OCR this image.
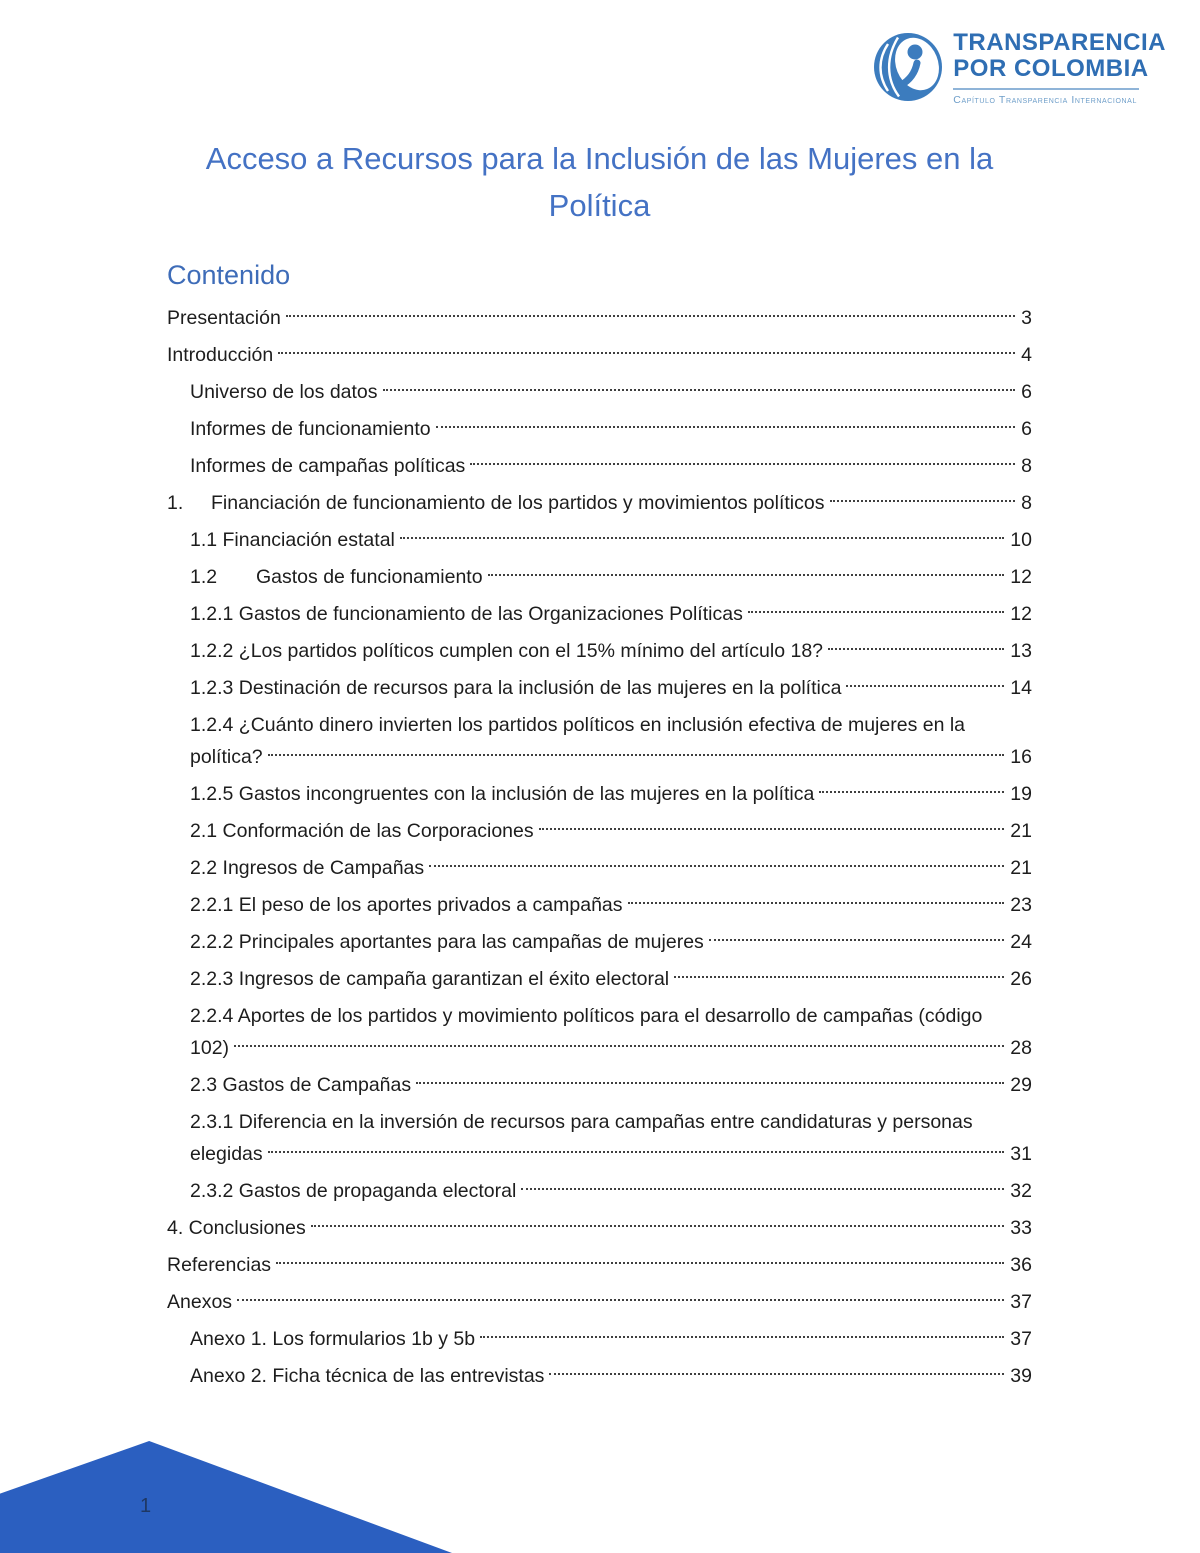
TRANSPARENCIA
POR COLOMBIA
Capítulo Transparencia Internacional
Acceso a Recursos para la Inclusión de las Mujeres en la
Política
Contenido
Presentación	3
Introducción	4
Universo de los datos	6
Informes de funcionamiento	6
Informes de campañas políticas	8
1.	Financiación de funcionamiento de los partidos y movimientos políticos	8
1.1 Financiación estatal	10
1.2	Gastos de funcionamiento	12
1.2.1 Gastos de funcionamiento de las Organizaciones Políticas	12
1.2.2 ¿Los partidos políticos cumplen con el 15% mínimo del artículo 18?	13
1.2.3 Destinación de recursos para la inclusión de las mujeres en la política	14
1.2.4 ¿Cuánto dinero invierten los partidos políticos en inclusión efectiva de mujeres en la
política?	16
1.2.5 Gastos incongruentes con la inclusión de las mujeres en la política	19
2.1 Conformación de las Corporaciones	21
2.2 Ingresos de Campañas	21
2.2.1 El peso de los aportes privados a campañas	23
2.2.2 Principales aportantes para las campañas de mujeres	24
2.2.3 Ingresos de campaña garantizan el éxito electoral	26
2.2.4 Aportes de los partidos y movimiento políticos para el desarrollo de campañas (código
102)	28
2.3 Gastos de Campañas	29
2.3.1 Diferencia en la inversión de recursos para campañas entre candidaturas y personas
elegidas	31
2.3.2 Gastos de propaganda electoral	32
4. Conclusiones	33
Referencias	36
Anexos	37
Anexo 1. Los formularios 1b y 5b	37
Anexo 2. Ficha técnica de las entrevistas	39
1
